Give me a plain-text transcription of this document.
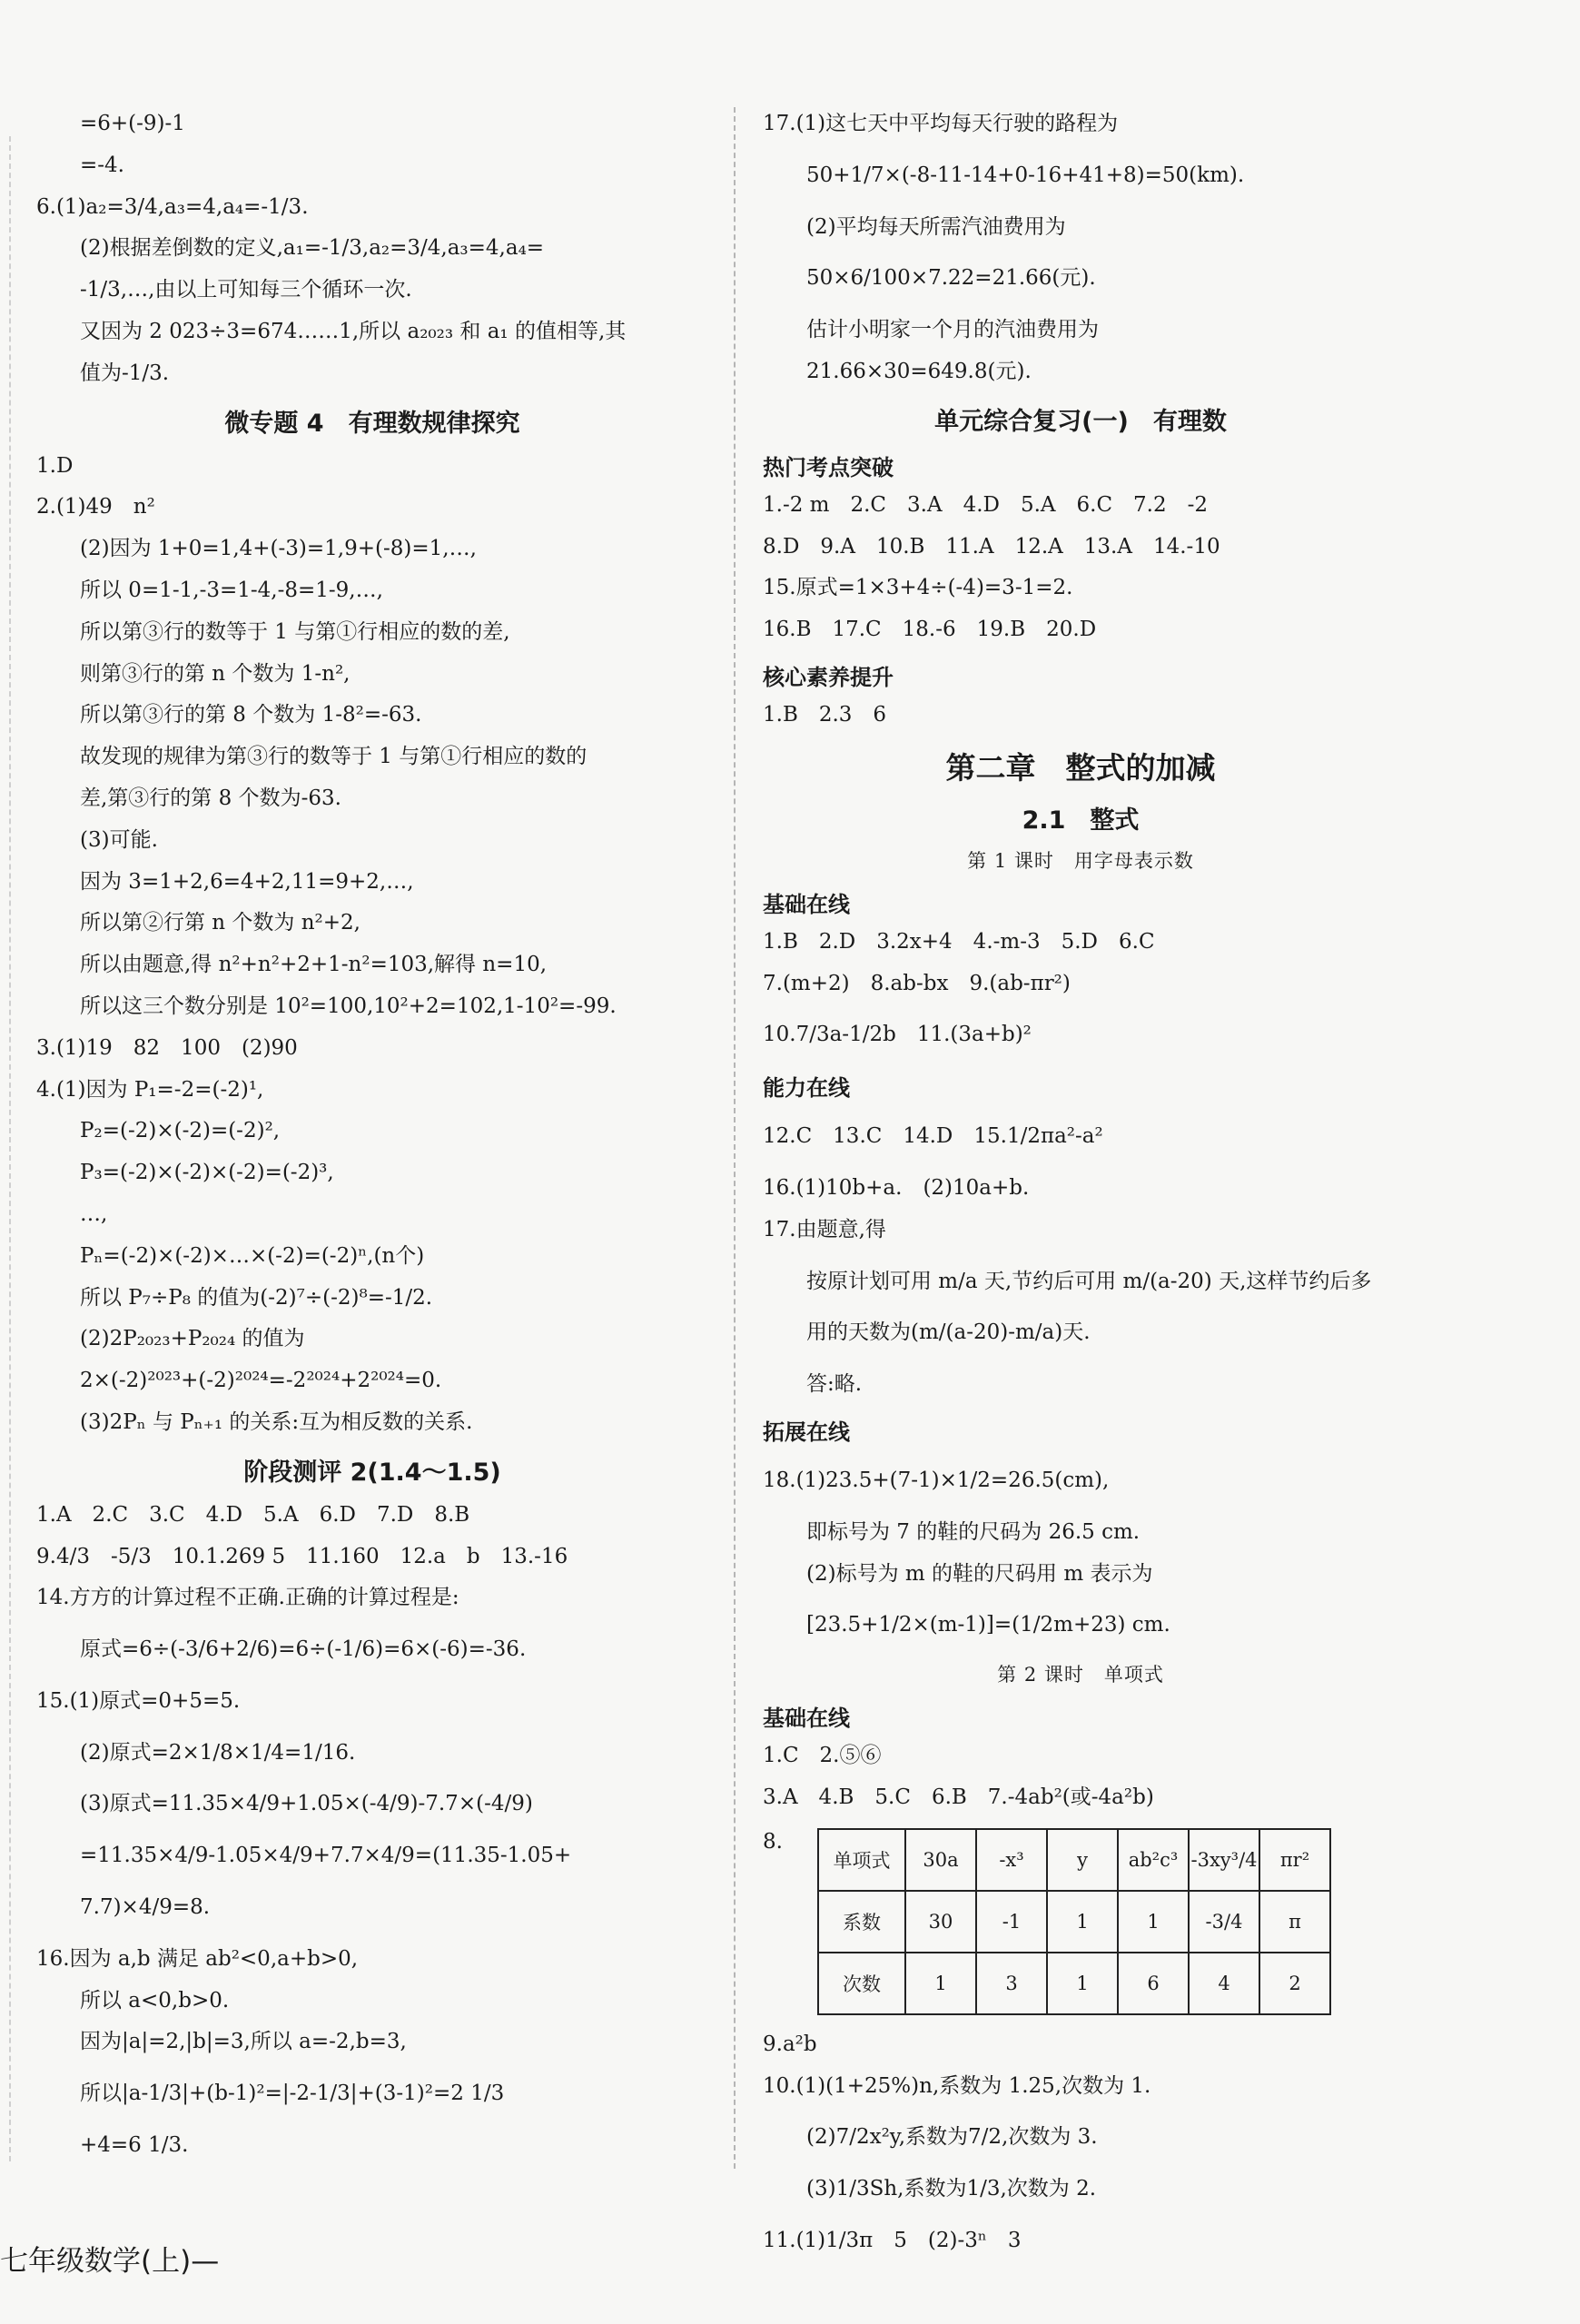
=6+(-9)-1
=-4.
6.(1)a₂=3/4,a₃=4,a₄=-1/3.
(2)根据差倒数的定义,a₁=-1/3,a₂=3/4,a₃=4,a₄=
-1/3,…,由以上可知每三个循环一次.
又因为 2 023÷3=674……1,所以 a₂₀₂₃ 和 a₁ 的值相等,其
值为-1/3.
微专题 4　有理数规律探究
1.D
2.(1)49　n²
(2)因为 1+0=1,4+(-3)=1,9+(-8)=1,…,
所以 0=1-1,-3=1-4,-8=1-9,…,
所以第③行的数等于 1 与第①行相应的数的差,
则第③行的第 n 个数为 1-n²,
所以第③行的第 8 个数为 1-8²=-63.
故发现的规律为第③行的数等于 1 与第①行相应的数的
差,第③行的第 8 个数为-63.
(3)可能.
因为 3=1+2,6=4+2,11=9+2,…,
所以第②行第 n 个数为 n²+2,
所以由题意,得 n²+n²+2+1-n²=103,解得 n=10,
所以这三个数分别是 10²=100,10²+2=102,1-10²=-99.
3.(1)19　82　100　(2)90
4.(1)因为 P₁=-2=(-2)¹,
P₂=(-2)×(-2)=(-2)²,
P₃=(-2)×(-2)×(-2)=(-2)³,
…,
Pₙ=(-2)×(-2)×…×(-2)=(-2)ⁿ,(n个)
所以 P₇÷P₈ 的值为(-2)⁷÷(-2)⁸=-1/2.
(2)2P₂₀₂₃+P₂₀₂₄ 的值为
2×(-2)²⁰²³+(-2)²⁰²⁴=-2²⁰²⁴+2²⁰²⁴=0.
(3)2Pₙ 与 Pₙ₊₁ 的关系:互为相反数的关系.
阶段测评 2(1.4～1.5)
1.A　2.C　3.C　4.D　5.A　6.D　7.D　8.B
9.4/3　-5/3　10.1.269 5　11.160　12.a　b　13.-16
14.方方的计算过程不正确.正确的计算过程是:
原式=6÷(-3/6+2/6)=6÷(-1/6)=6×(-6)=-36.
15.(1)原式=0+5=5.
(2)原式=2×1/8×1/4=1/16.
(3)原式=11.35×4/9+1.05×(-4/9)-7.7×(-4/9)
=11.35×4/9-1.05×4/9+7.7×4/9=(11.35-1.05+
7.7)×4/9=8.
16.因为 a,b 满足 ab²<0,a+b>0,
所以 a<0,b>0.
因为|a|=2,|b|=3,所以 a=-2,b=3,
所以|a-1/3|+(b-1)²=|-2-1/3|+(3-1)²=2 1/3
+4=6 1/3.
17.(1)这七天中平均每天行驶的路程为
50+1/7×(-8-11-14+0-16+41+8)=50(km).
(2)平均每天所需汽油费用为
50×6/100×7.22=21.66(元).
估计小明家一个月的汽油费用为
21.66×30=649.8(元).
单元综合复习(一)　有理数
热门考点突破
1.-2 m　2.C　3.A　4.D　5.A　6.C　7.2　-2
8.D　9.A　10.B　11.A　12.A　13.A　14.-10
15.原式=1×3+4÷(-4)=3-1=2.
16.B　17.C　18.-6　19.B　20.D
核心素养提升
1.B　2.3　6
第二章　整式的加减
2.1　整式
第 1 课时　用字母表示数
基础在线
1.B　2.D　3.2x+4　4.-m-3　5.D　6.C
7.(m+2)　8.ab-bx　9.(ab-πr²)
10.7/3a-1/2b　11.(3a+b)²
能力在线
12.C　13.C　14.D　15.1/2πa²-a²
16.(1)10b+a.　(2)10a+b.
17.由题意,得
按原计划可用 m/a 天,节约后可用 m/(a-20) 天,这样节约后多
用的天数为(m/(a-20)-m/a)天.
答:略.
拓展在线
18.(1)23.5+(7-1)×1/2=26.5(cm),
即标号为 7 的鞋的尺码为 26.5 cm.
(2)标号为 m 的鞋的尺码用 m 表示为
[23.5+1/2×(m-1)]=(1/2m+23) cm.
第 2 课时　单项式
基础在线
1.C　2.⑤⑥
3.A　4.B　5.C　6.B　7.-4ab²(或-4a²b)
8.
单项式	30a	-x³	y	ab²c³	-3xy³/4	πr²
系数	30	-1	1	1	-3/4	π
次数	1	3	1	6	4	2
9.a²b
10.(1)(1+25%)n,系数为 1.25,次数为 1.
(2)7/2x²y,系数为7/2,次数为 3.
(3)1/3Sh,系数为1/3,次数为 2.
11.(1)1/3π　5　(2)-3ⁿ　3
七年级数学(上)—
